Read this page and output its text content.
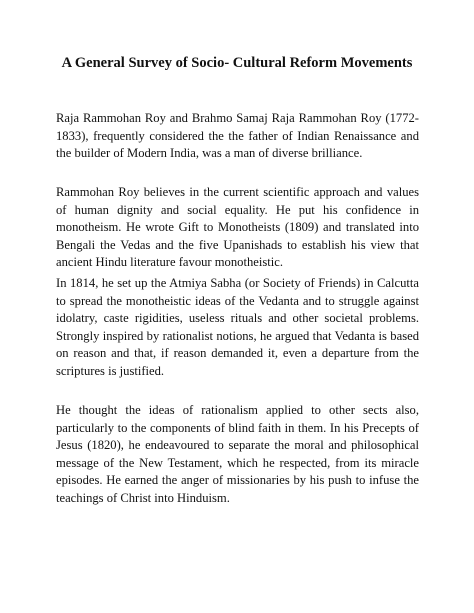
A General Survey of Socio- Cultural Reform Movements

Raja Rammohan Roy and Brahmo Samaj Raja Rammohan Roy (1772-1833), frequently considered the the father of Indian Renaissance and the builder of Modern India, was a man of diverse brilliance.

Rammohan Roy believes in the current scientific approach and values of human dignity and social equality. He put his confidence in monotheism. He wrote Gift to Monotheists (1809) and translated into Bengali the Vedas and the five Upanishads to establish his view that ancient Hindu literature favour monotheistic.

In 1814, he set up the Atmiya Sabha (or Society of Friends) in Calcutta to spread the monotheistic ideas of the Vedanta and to struggle against idolatry, caste rigidities, useless rituals and other societal problems. Strongly inspired by rationalist notions, he argued that Vedanta is based on reason and that, if reason demanded it, even a departure from the scriptures is justified.

He thought the ideas of rationalism applied to other sects also, particularly to the components of blind faith in them. In his Precepts of Jesus (1820), he endeavoured to separate the moral and philosophical message of the New Testament, which he respected, from its miracle episodes. He earned the anger of missionaries by his push to infuse the teachings of Christ into Hinduism.
